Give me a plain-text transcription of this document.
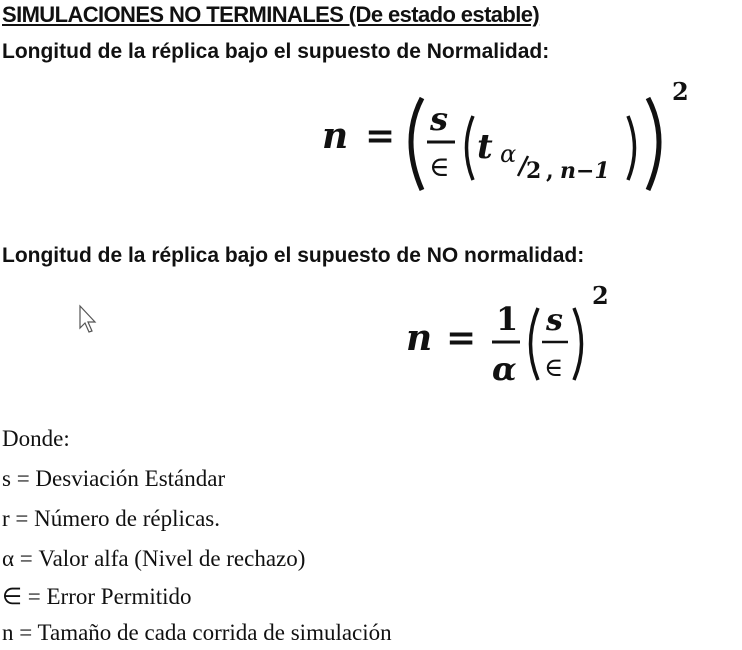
SIMULACIONES NO TERMINALES (De estado estable)
Longitud de la réplica bajo el supuesto de Normalidad:
n = s
∈ t α
2 , n−1
2
Longitud de la réplica bajo el supuesto de NO normalidad:
n = 1
α
s
∈
2
Donde:
s = Desviación Estándar
r = Número de réplicas.
α = Valor alfa (Nivel de rechazo)
∈ = Error Permitido
n = Tamaño de cada corrida de simulación
